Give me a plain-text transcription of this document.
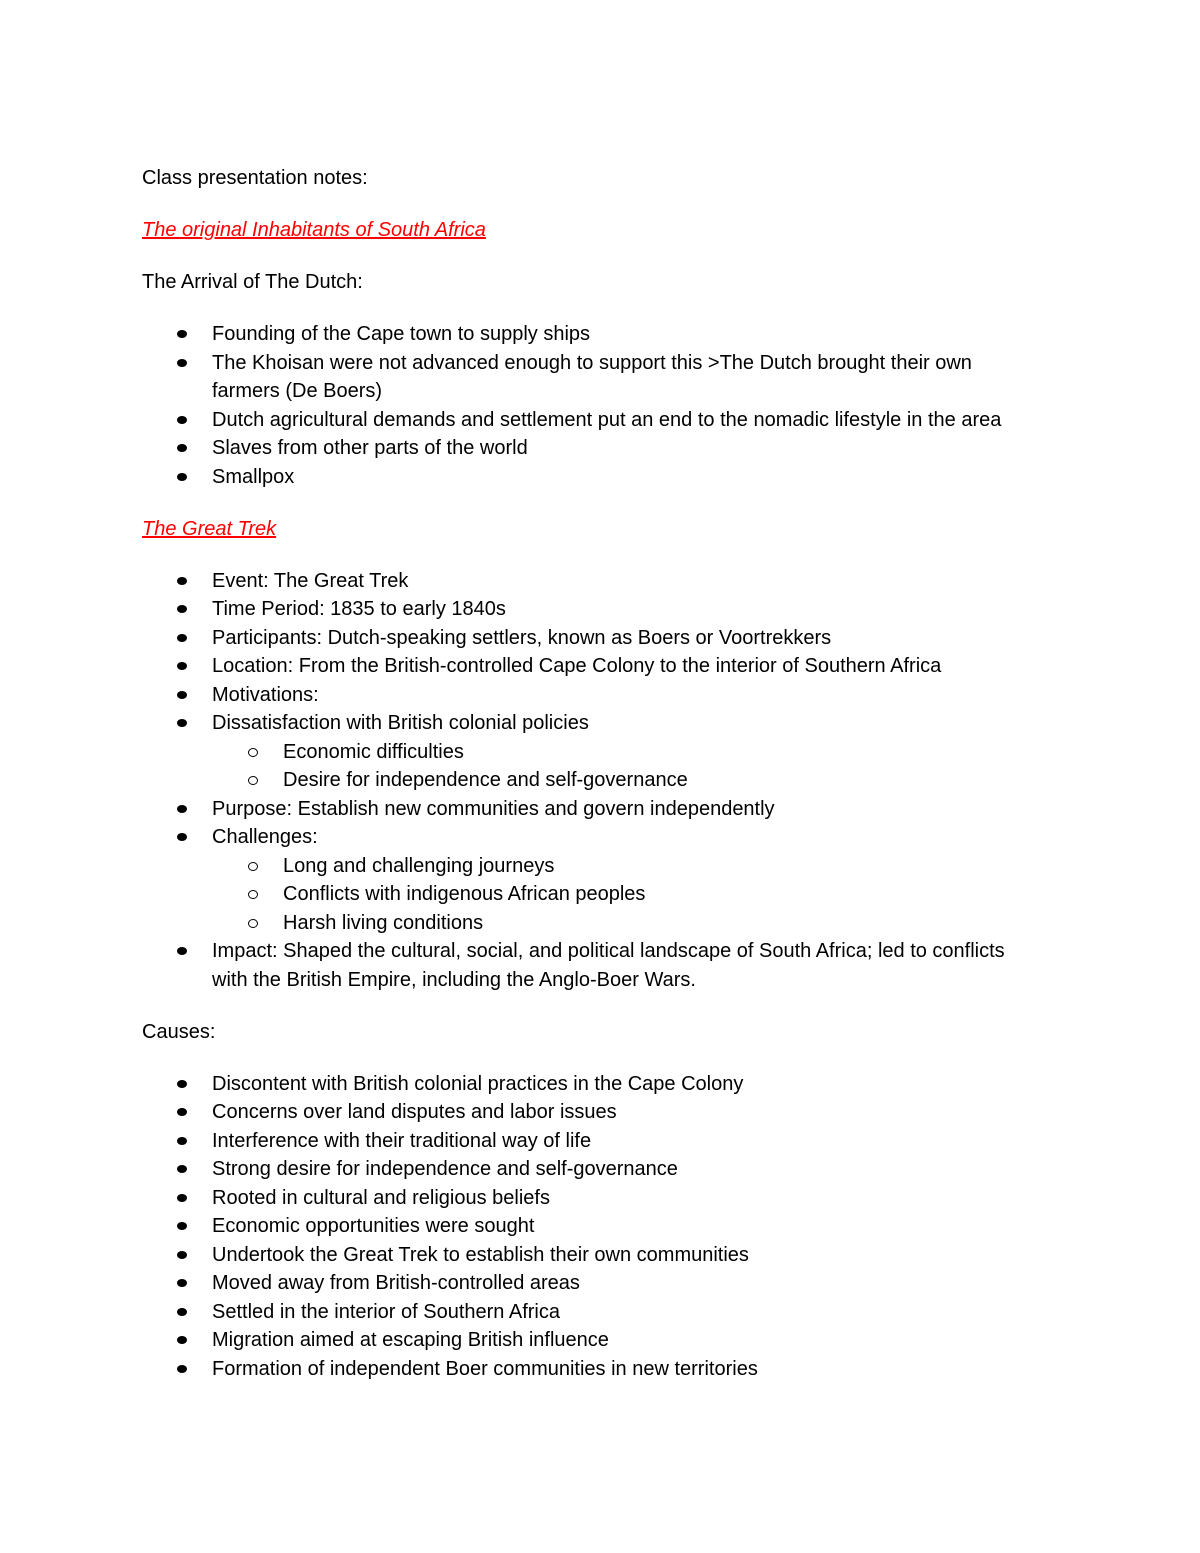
Class presentation notes:

The original Inhabitants of South Africa

The Arrival of The Dutch:

Founding of the Cape town to supply ships
The Khoisan were not advanced enough to support this >The Dutch brought their own farmers (De Boers)
Dutch agricultural demands and settlement put an end to the nomadic lifestyle in the area
Slaves from other parts of the world
Smallpox

The Great Trek

Event: The Great Trek
Time Period: 1835 to early 1840s
Participants: Dutch-speaking settlers, known as Boers or Voortrekkers
Location: From the British-controlled Cape Colony to the interior of Southern Africa
Motivations:
Dissatisfaction with British colonial policies
Economic difficulties
Desire for independence and self-governance
Purpose: Establish new communities and govern independently
Challenges:
Long and challenging journeys
Conflicts with indigenous African peoples
Harsh living conditions
Impact: Shaped the cultural, social, and political landscape of South Africa; led to conflicts with the British Empire, including the Anglo-Boer Wars.

Causes:

Discontent with British colonial practices in the Cape Colony
Concerns over land disputes and labor issues
Interference with their traditional way of life
Strong desire for independence and self-governance
Rooted in cultural and religious beliefs
Economic opportunities were sought
Undertook the Great Trek to establish their own communities
Moved away from British-controlled areas
Settled in the interior of Southern Africa
Migration aimed at escaping British influence
Formation of independent Boer communities in new territories
